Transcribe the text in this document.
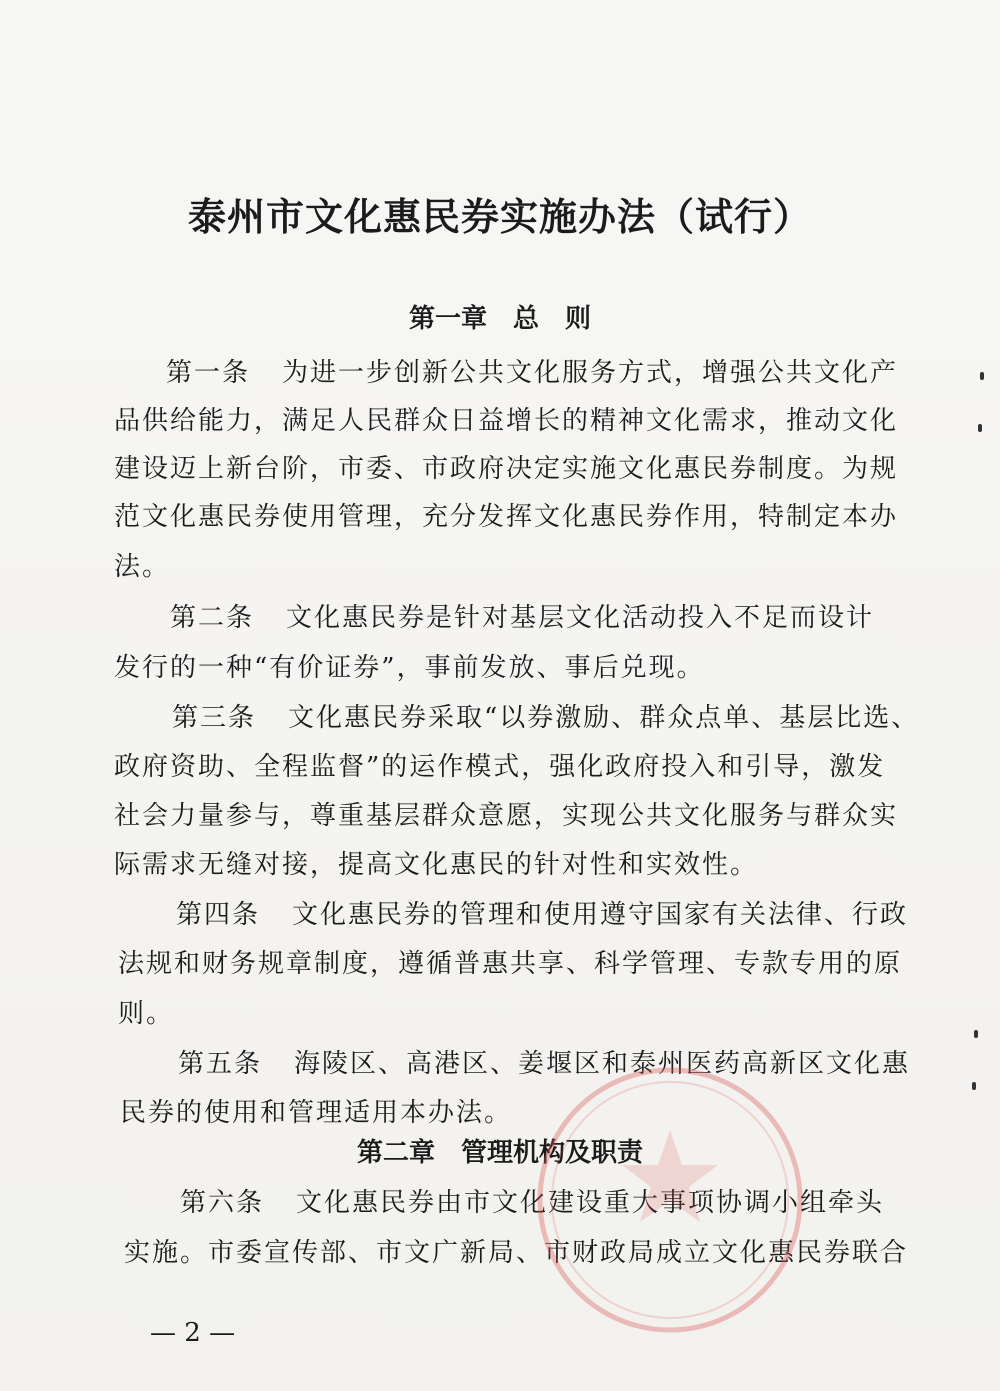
泰州市文化惠民券实施办法（试行）
第一章　总　则
第一条 为进一步创新公共文化服务方式，增强公共文化产
品供给能力，满足人民群众日益增长的精神文化需求，推动文化
建设迈上新台阶，市委、市政府决定实施文化惠民券制度。为规
范文化惠民券使用管理，充分发挥文化惠民券作用，特制定本办
法。
第二条 文化惠民券是针对基层文化活动投入不足而设计
发行的一种“有价证券”，事前发放、事后兑现。
第三条 文化惠民券采取“以券激励、群众点单、基层比选、
政府资助、全程监督”的运作模式，强化政府投入和引导，激发
社会力量参与，尊重基层群众意愿，实现公共文化服务与群众实
际需求无缝对接，提高文化惠民的针对性和实效性。
第四条 文化惠民券的管理和使用遵守国家有关法律、行政
法规和财务规章制度，遵循普惠共享、科学管理、专款专用的原
则。
第五条 海陵区、高港区、姜堰区和泰州医药高新区文化惠
民券的使用和管理适用本办法。
第二章　管理机构及职责
第六条 文化惠民券由市文化建设重大事项协调小组牵头
实施。市委宣传部、市文广新局、市财政局成立文化惠民券联合
— 2 —
